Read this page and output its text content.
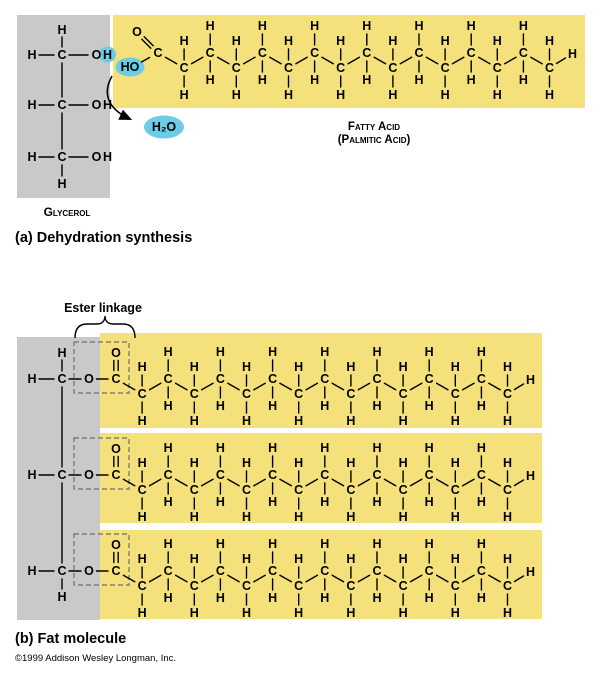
H
H C O H
H C O H
H C O H
H
C
O
HO
H₂O
C
H
H
C
H
H
C
H
H
C
H
H
C
H
H
C
H
H
C
H
H
C
H
H
C
H
H
C
H
H
C
H
H
C
H
H
C
H
H
C
H
H
C
H
H
H
H
H C O C
O
C
H
H
C
H
H
C
H
H
C
H
H
C
H
H
C
H
H
C
H
H
C
H
H
C
H
H
C
H
H
C
H
H
C
H
H
C
H
H
C
H
H
C
H
H
H
H C O C
O
C
H
H
C
H
H
C
H
H
C
H
H
C
H
H
C
H
H
C
H
H
C
H
H
C
H
H
C
H
H
C
H
H
C
H
H
C
H
H
C
H
H
C
H
H
H
H C O C
O
C
H
H
C
H
H
C
H
H
C
H
H
C
H
H
C
H
H
C
H
H
C
H
H
C
H
H
C
H
H
C
H
H
C
H
H
C
H
H
C
H
H
C
H
H
H
H
Glycerol
Fatty Acid
(Palmitic Acid)
(a) Dehydration synthesis
Ester linkage
(b) Fat molecule
©1999 Addison Wesley Longman, Inc.
